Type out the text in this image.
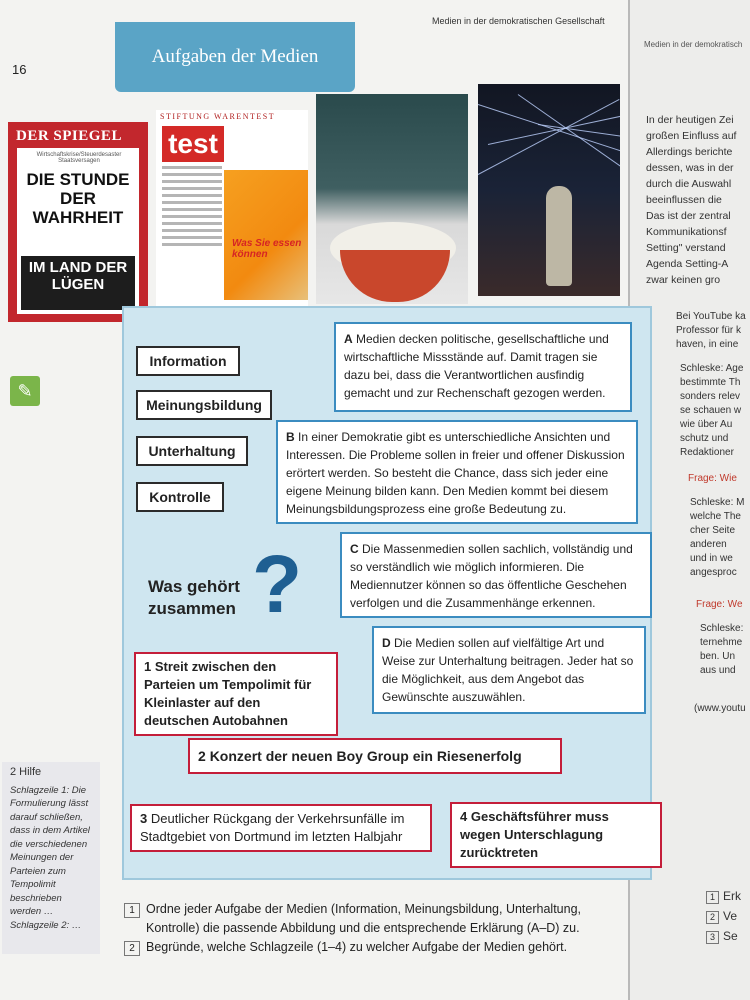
Aufgaben der Medien
16
Medien in der demokratischen Gesellschaft
Medien in der demokratisch
DER SPIEGEL
Wirtschaftskrise/Steuerdesaster Staatsversagen
DIE STUNDE DER WAHRHEIT
IM LAND DER LÜGEN
STIFTUNG WARENTEST
test
Was Sie essen können
✎
Information
Meinungsbildung
Unterhaltung
Kontrolle
A Medien decken politische, gesellschaftliche und wirtschaftliche Missstände auf. Damit tragen sie dazu bei, dass die Verantwortlichen ausfindig gemacht und zur Rechenschaft gezogen werden.
B In einer Demokratie gibt es unterschiedliche Ansichten und Interessen. Die Probleme sollen in freier und offener Diskussion erörtert werden. So besteht die Chance, dass sich jeder eine eigene Meinung bilden kann. Den Medien kommt bei diesem Meinungsbildungsprozess eine große Bedeutung zu.
C Die Massenmedien sollen sachlich, vollständig und so verständlich wie möglich informieren. Die Mediennutzer können so das öffentliche Geschehen verfolgen und die Zusammenhänge erkennen.
D Die Medien sollen auf vielfältige Art und Weise zur Unterhaltung beitragen. Jeder hat so die Möglichkeit, aus dem Angebot das Gewünschte auszuwählen.
Was gehört zusammen ?
1 Streit zwischen den Parteien um Tempolimit für Kleinlaster auf den deutschen Autobahnen
2 Konzert der neuen Boy Group ein Riesenerfolg
3 Deutlicher Rückgang der Verkehrsunfälle im Stadtgebiet von Dortmund im letzten Halbjahr
4 Geschäftsführer muss wegen Unterschlagung zurücktreten
2 Hilfe
Schlagzeile 1: Die Formulierung lässt darauf schließen, dass in dem Artikel die verschiedenen Meinungen der Parteien zum Tempolimit beschrieben werden … Schlagzeile 2: …
1 Ordne jeder Aufgabe der Medien (Information, Meinungsbildung, Unterhaltung, Kontrolle) die passende Abbildung und die entsprechende Erklärung (A–D) zu.
2 Begründe, welche Schlagzeile (1–4) zu welcher Aufgabe der Medien gehört.
In der heutigen Zei
großen Einfluss auf
Allerdings berichte
dessen, was in der
durch die Auswahl
beeinflussen die
Das ist der zentral
Kommunikationsf
Setting" verstand
Agenda Setting-A
zwar keinen gro
Bei YouTube ka
Professor für k
haven, in eine
Schleske: Age
bestimmte Th
sonders relev
se schauen w
wie über Au
schutz und
Redaktioner
Frage: Wie
Schleske: M
welche The
cher Seite
anderen
und in we
angesproc
Frage: We
Schleske:
ternehme
ben. Un
aus und
(www.youtu
1 Erk
2 Ve
3 Se
